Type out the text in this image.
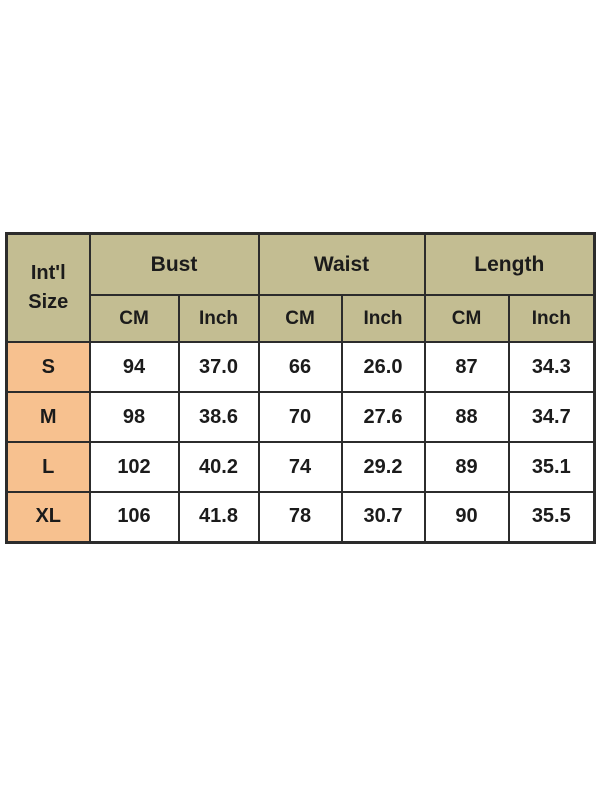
Int'l
Size	Bust		Waist		Length	
	CM	Inch	CM	Inch	CM	Inch
S	94	37.0	66	26.0	87	34.3
M	98	38.6	70	27.6	88	34.7
L	102	40.2	74	29.2	89	35.1
XL	106	41.8	78	30.7	90	35.5
